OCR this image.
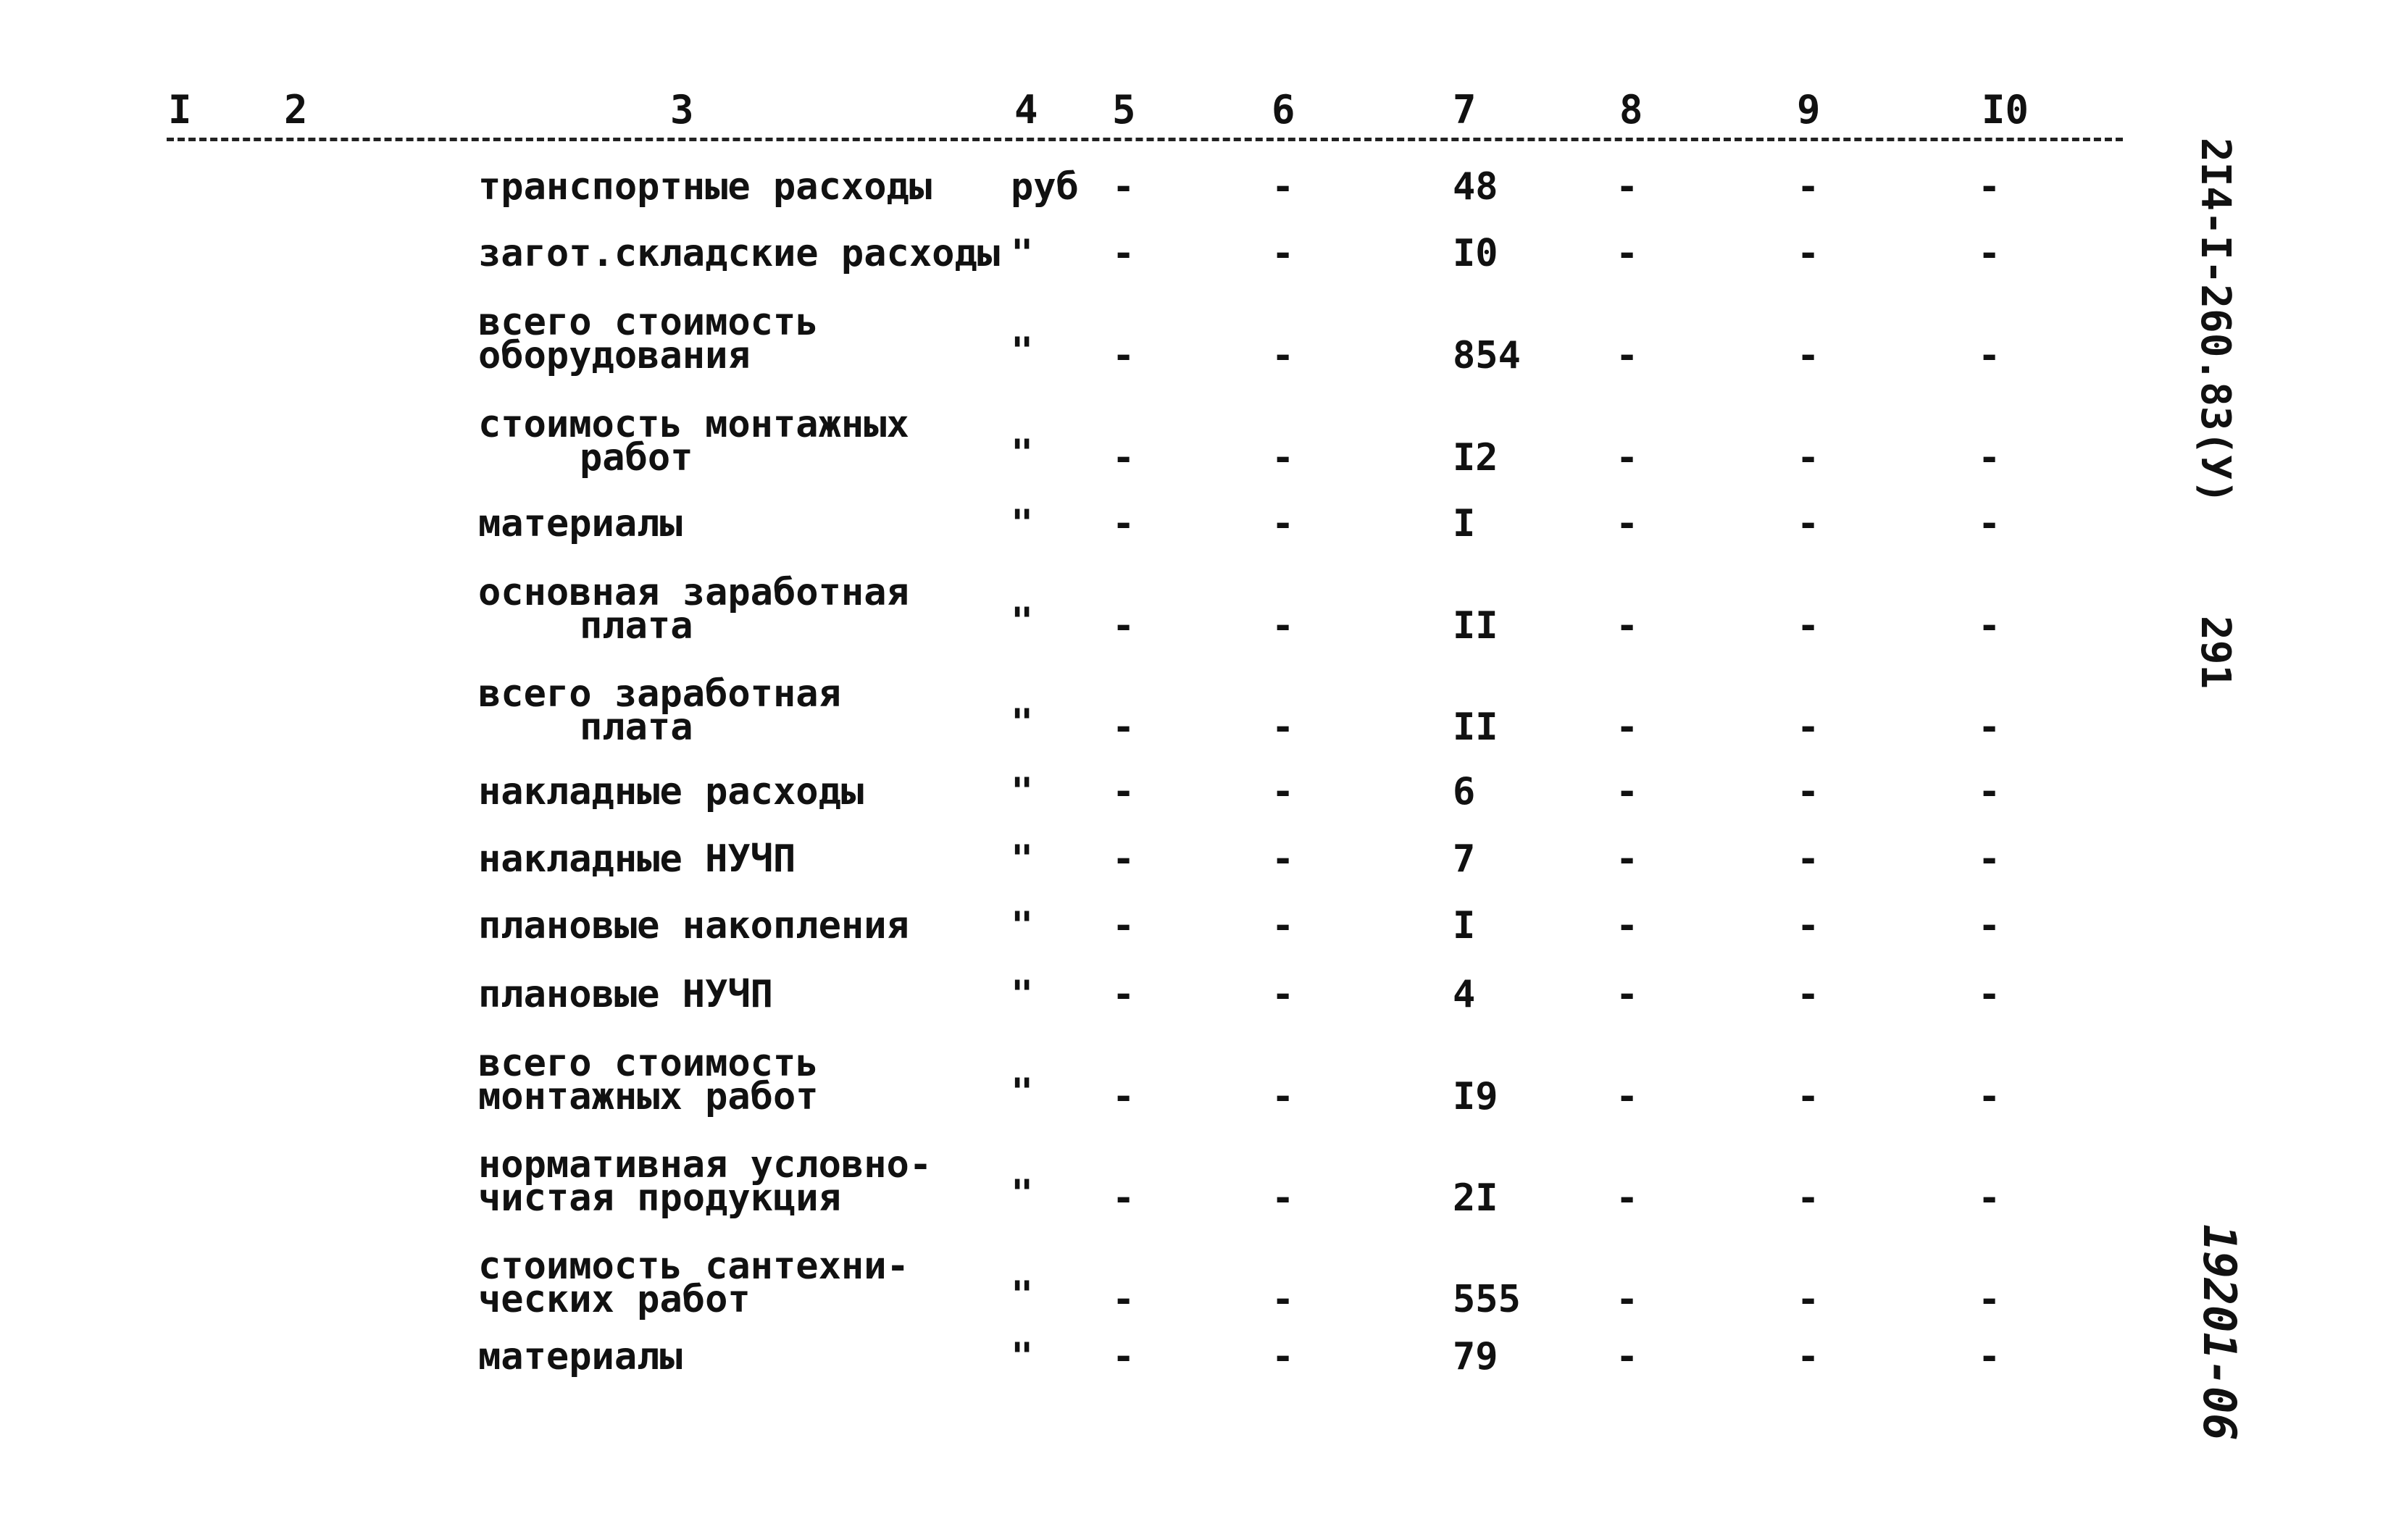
I 2	3	4 5	6	7	8	9	I0
транспортные расходы руб -	-	48	-	-	-
загот.складские расходы " -	-	I0	-	-	-
всего стоимость
оборудования	" -	-	854	-	-	-
стоимость монтажных
работ	" -	-	I2	-	-	-
материалы	" -	-	I	-	-	-
основная заработная
плата	" -	-	II	-	-	-
всего заработная
плата	" -	-	II	-	-	-
накладные расходы	" -	-	6	-	-	-
накладные НУЧП	" -	-	7	-	-	-
плановые накопления	" -	-	I	-	-	-
плановые НУЧП	" -	-	4	-	-	-
всего стоимость
монтажных работ	" -	-	I9	-	-	-
нормативная условно-
чистая продукция	" -	-	2I	-	-	-
стоимость сантехни-
ческих работ	" -	-	555	-	-	-
материалы	" -	-	79	-	-	-
2I4-I-260.83(У)
291
19201-06
